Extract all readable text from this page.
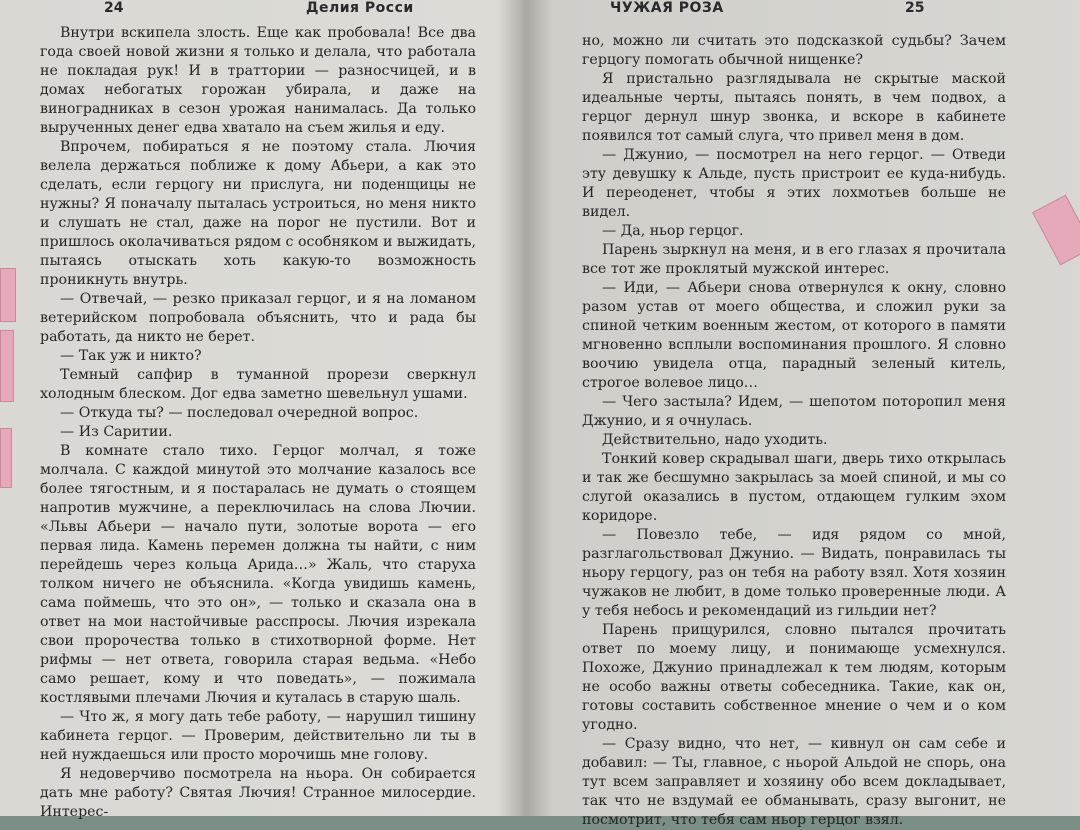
24	Делия Росси

Внутри вскипела злость. Еще как пробовала! Все два года своей новой жизни я только и делала, что работала не покладая рук! И в траттории — разносчицей, и в домах небогатых горожан убирала, и даже на виноградниках в сезон урожая нанималась. Да только вырученных денег едва хватало на съем жилья и еду.

Впрочем, побираться я не поэтому стала. Лючия велела держаться поближе к дому Абьери, а как это сделать, если герцогу ни прислуга, ни поденщицы не нужны? Я поначалу пыталась устроиться, но меня никто и слушать не стал, даже на порог не пустили. Вот и пришлось околачиваться рядом с особняком и выжидать, пытаясь отыскать хоть какую-то возможность проникнуть внутрь.

— Отвечай, — резко приказал герцог, и я на ломаном ветерийском попробовала объяснить, что и рада бы работать, да никто не берет.

— Так уж и никто?

Темный сапфир в туманной прорези сверкнул холодным блеском. Дог едва заметно шевельнул ушами.

— Откуда ты? — последовал очередной вопрос.

— Из Саритии.

В комнате стало тихо. Герцог молчал, я тоже молчала. С каждой минутой это молчание казалось все более тягостным, и я постаралась не думать о стоящем напротив мужчине, а переключилась на слова Лючии. «Львы Абьери — начало пути, золотые ворота — его первая лида. Камень перемен должна ты найти, с ним перейдешь через кольца Арида…» Жаль, что старуха толком ничего не объяснила. «Когда увидишь камень, сама поймешь, что это он», — только и сказала она в ответ на мои настойчивые расспросы. Лючия изрекала свои пророчества только в стихотворной форме. Нет рифмы — нет ответа, говорила старая ведьма. «Небо само решает, кому и что поведать», — пожимала костлявыми плечами Лючия и куталась в старую шаль.

— Что ж, я могу дать тебе работу, — нарушил тишину кабинета герцог. — Проверим, действительно ли ты в ней нуждаешься или просто морочишь мне голову.

Я недоверчиво посмотрела на ньора. Он собирается дать мне работу? Святая Лючия! Странное милосердие. Интерес-

ЧУЖАЯ РОЗА	25

но, можно ли считать это подсказкой судьбы? Зачем герцогу помогать обычной нищенке?

Я пристально разглядывала не скрытые маской идеальные черты, пытаясь понять, в чем подвох, а герцог дернул шнур звонка, и вскоре в кабинете появился тот самый слуга, что привел меня в дом.

— Джунио, — посмотрел на него герцог. — Отведи эту девушку к Альде, пусть пристроит ее куда-нибудь. И переоденет, чтобы я этих лохмотьев больше не видел.

— Да, ньор герцог.

Парень зыркнул на меня, и в его глазах я прочитала все тот же проклятый мужской интерес.

— Иди, — Абьери снова отвернулся к окну, словно разом устав от моего общества, и сложил руки за спиной четким военным жестом, от которого в памяти мгновенно всплыли воспоминания прошлого. Я словно воочию увидела отца, парадный зеленый китель, строгое волевое лицо…

— Чего застыла? Идем, — шепотом поторопил меня Джунио, и я очнулась.

Действительно, надо уходить.

Тонкий ковер скрадывал шаги, дверь тихо открылась и так же бесшумно закрылась за моей спиной, и мы со слугой оказались в пустом, отдающем гулким эхом коридоре.

— Повезло тебе, — идя рядом со мной, разглагольствовал Джунио. — Видать, понравилась ты ньору герцогу, раз он тебя на работу взял. Хотя хозяин чужаков не любит, в доме только проверенные люди. А у тебя небось и рекомендаций из гильдии нет?

Парень прищурился, словно пытался прочитать ответ по моему лицу, и понимающе усмехнулся. Похоже, Джунио принадлежал к тем людям, которым не особо важны ответы собеседника. Такие, как он, готовы составить собственное мнение о чем и о ком угодно.

— Сразу видно, что нет, — кивнул он сам себе и добавил: — Ты, главное, с ньорой Альдой не спорь, она тут всем заправляет и хозяину обо всем докладывает, так что не вздумай ее обманывать, сразу выгонит, не посмотрит, что тебя сам ньор герцог взял.
